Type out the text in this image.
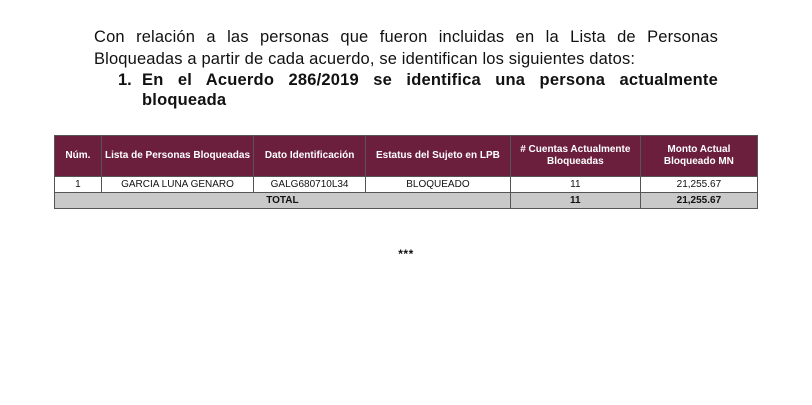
Con relación a las personas que fueron incluidas en la Lista de Personas Bloqueadas a partir de cada acuerdo, se identifican los siguientes datos:

1. En el Acuerdo 286/2019 se identifica una persona actualmente bloqueada
Núm.	Lista de Personas Bloqueadas	Dato Identificación	Estatus del Sujeto en LPB	# Cuentas Actualmente Bloqueadas	Monto Actual Bloqueado MN
1	GARCIA LUNA GENARO	GALG680710L34	BLOQUEADO	11	21,255.67
TOTAL				11	21,255.67
***
